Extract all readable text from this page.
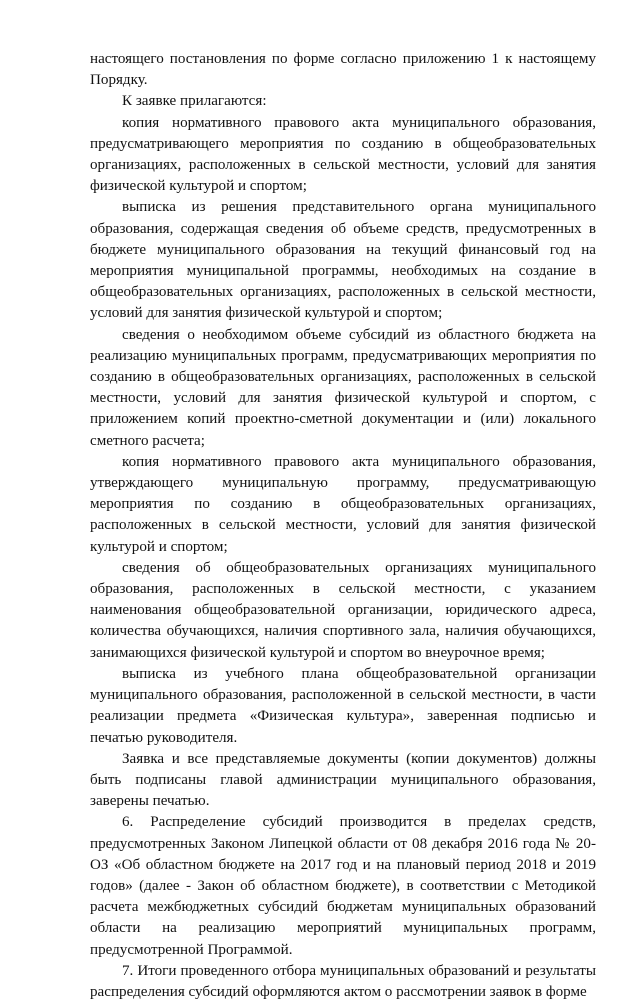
настоящего постановления по форме согласно приложению 1 к настоящему Порядку.

К заявке прилагаются:

копия нормативного правового акта муниципального образования, предусматривающего мероприятия по созданию в общеобразовательных организациях, расположенных в сельской местности, условий для занятия физической культурой и спортом;

выписка из решения представительного органа муниципального образования, содержащая сведения об объеме средств, предусмотренных в бюджете муниципального образования на текущий финансовый год на мероприятия муниципальной программы, необходимых на создание в общеобразовательных организациях, расположенных в сельской местности, условий для занятия физической культурой и спортом;

сведения о необходимом объеме субсидий из областного бюджета на реализацию муниципальных программ, предусматривающих мероприятия по созданию в общеобразовательных организациях, расположенных в сельской местности, условий для занятия физической культурой и спортом, с приложением копий проектно-сметной документации и (или) локального сметного расчета;

копия нормативного правового акта муниципального образования, утверждающего муниципальную программу, предусматривающую мероприятия по созданию в общеобразовательных организациях, расположенных в сельской местности, условий для занятия физической культурой и спортом;

сведения об общеобразовательных организациях муниципального образования, расположенных в сельской местности, с указанием наименования общеобразовательной организации, юридического адреса, количества обучающихся, наличия спортивного зала, наличия обучающихся, занимающихся физической культурой и спортом во внеурочное время;

выписка из учебного плана общеобразовательной организации муниципального образования, расположенной в сельской местности, в части реализации предмета «Физическая культура», заверенная подписью и печатью руководителя.

Заявка и все представляемые документы (копии документов) должны быть подписаны главой администрации муниципального образования, заверены печатью.

6. Распределение субсидий производится в пределах средств, предусмотренных Законом Липецкой области от 08 декабря 2016 года № 20-ОЗ «Об областном бюджете на 2017 год и на плановый период 2018 и 2019 годов» (далее - Закон об областном бюджете), в соответствии с Методикой расчета межбюджетных субсидий бюджетам муниципальных образований области на реализацию мероприятий муниципальных программ, предусмотренной Программой.

7. Итоги проведенного отбора муниципальных образований и результаты распределения субсидий оформляются актом о рассмотрении заявок в форме
